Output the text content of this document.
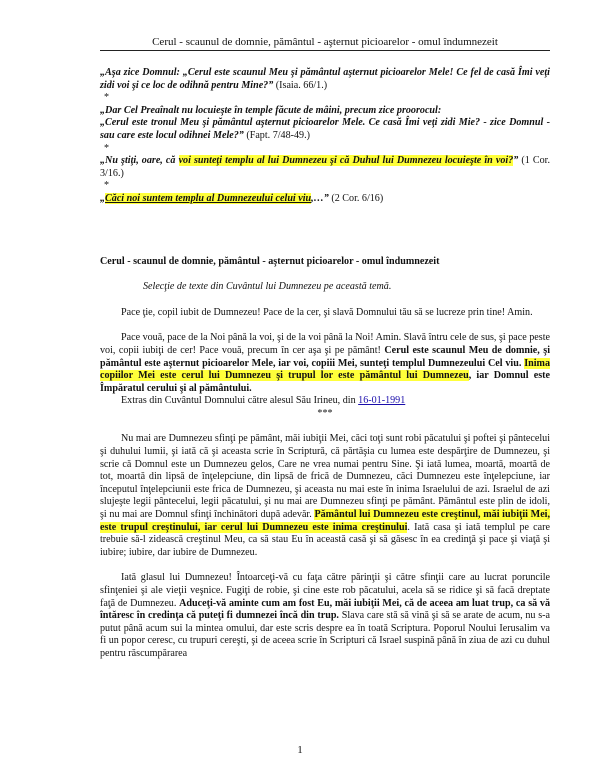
Cerul - scaunul de domnie, pământul - aşternut picioarelor - omul îndumnezeit

„Aşa zice Domnul: „Cerul este scaunul Meu şi pământul aşternut picioarelor Mele! Ce fel de casă Îmi veţi zidi voi şi ce loc de odihnă pentru Mine?” (Isaia. 66/1.)

*

„Dar Cel Preaînalt nu locuieşte în temple făcute de mâini, precum zice proorocul:
„Cerul este tronul Meu şi pământul aşternut picioarelor Mele. Ce casă Îmi veţi zidi Mie? - zice Domnul - sau care este locul odihnei Mele?” (Fapt. 7/48-49.)

*

„Nu ştiţi, oare, că voi sunteţi templu al lui Dumnezeu şi că Duhul lui Dumnezeu locuieşte în voi?” (1 Cor. 3/16.)

*

„Căci noi suntem templu al Dumnezeului celui viu,…” (2 Cor. 6/16)

Cerul - scaunul de domnie, pământul - aşternut picioarelor - omul îndumnezeit

Selecţie de texte din Cuvântul lui Dumnezeu pe această temă.

Pace ţie, copil iubit de Dumnezeu! Pace de la cer, şi slavă Domnului tău să se lucreze prin tine! Amin.

Pace vouă, pace de la Noi până la voi, şi de la voi până la Noi! Amin. Slavă întru cele de sus, şi pace peste voi, copii iubiţi de cer! Pace vouă, precum în cer aşa şi pe pământ! Cerul este scaunul Meu de domnie, şi pământul este aşternut picioarelor Mele, iar voi, copiii Mei, sunteţi templul Dumnezeului Cel viu. Inima copiilor Mei este cerul lui Dumnezeu şi trupul lor este pământul lui Dumnezeu, iar Domnul este Împăratul cerului şi al pământului.

Extras din Cuvântul Domnului către alesul Său Irineu, din 16-01-1991

***

Nu mai are Dumnezeu sfinţi pe pământ, măi iubiţii Mei, căci toţi sunt robi păcatului şi poftei şi pântecelui şi duhului lumii, şi iată că şi aceasta scrie în Scriptură, că părtăşia cu lumea este despărţire de Dumnezeu, şi scrie că Domnul este un Dumnezeu gelos, Care ne vrea numai pentru Sine. Şi iată lumea, moartă, moartă de tot, moartă din lipsă de înţelepciune, din lipsă de frică de Dumnezeu, căci Dumnezeu este înţelepciune, iar începutul înţelepciunii este frica de Dumnezeu, şi aceasta nu mai este în inima Israelului de azi. Israelul de azi slujeşte legii pântecelui, legii păcatului, şi nu mai are Dumnezeu sfinţi pe pământ. Pământul este plin de idoli, şi nu mai are Domnul sfinţi închinători după adevăr. Pământul lui Dumnezeu este creştinul, măi iubiţii Mei, este trupul creştinului, iar cerul lui Dumnezeu este inima creştinului. Iată casa şi iată templul pe care trebuie să-l zidească creştinul Meu, ca să stau Eu în această casă şi să găsesc în ea credinţă şi pace şi viaţă şi iubire; iubire, dar iubire de Dumnezeu.

Iată glasul lui Dumnezeu! Întoarceţi-vă cu faţa către părinţii şi către sfinţii care au lucrat poruncile sfinţeniei şi ale vieţii veşnice. Fugiţi de robie, şi cine este rob păcatului, acela să se ridice şi să facă dreptate faţă de Dumnezeu. Aduceţi-vă aminte cum am fost Eu, măi iubiţii Mei, că de aceea am luat trup, ca să vă întăresc în credinţa că puteţi fi dumnezei încă din trup. Slava care stă să vină şi să se arate de acum, nu s-a putut până acum sui la mintea omului, dar este scris despre ea în toată Scriptura. Poporul Noului Ierusalim va fi un popor ceresc, cu trupuri cereşti, şi de aceea scrie în Scripturi că Israel suspină până în ziua de azi cu duhul pentru răscumpărarea

1
